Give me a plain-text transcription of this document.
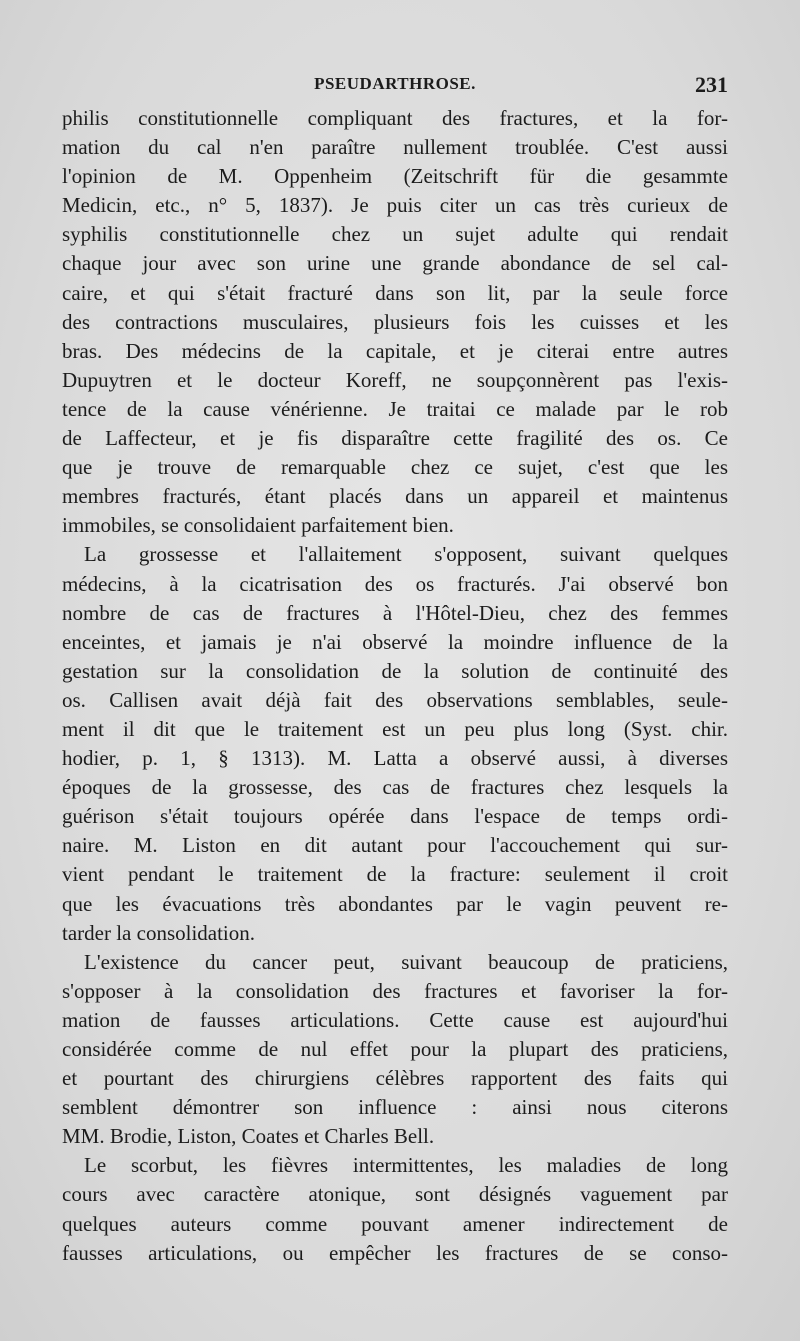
PSEUDARTHROSE.	231
philis constitutionnelle compliquant des fractures, et la for-
mation du cal n'en paraître nullement troublée. C'est aussi
l'opinion de M. Oppenheim (Zeitschrift für die gesammte
Medicin, etc., n° 5, 1837). Je puis citer un cas très curieux de
syphilis constitutionnelle chez un sujet adulte qui rendait
chaque jour avec son urine une grande abondance de sel cal-
caire, et qui s'était fracturé dans son lit, par la seule force
des contractions musculaires, plusieurs fois les cuisses et les
bras. Des médecins de la capitale, et je citerai entre autres
Dupuytren et le docteur Koreff, ne soupçonnèrent pas l'exis-
tence de la cause vénérienne. Je traitai ce malade par le rob
de Laffecteur, et je fis disparaître cette fragilité des os. Ce
que je trouve de remarquable chez ce sujet, c'est que les
membres fracturés, étant placés dans un appareil et maintenus
immobiles, se consolidaient parfaitement bien.
La grossesse et l'allaitement s'opposent, suivant quelques
médecins, à la cicatrisation des os fracturés. J'ai observé bon
nombre de cas de fractures à l'Hôtel-Dieu, chez des femmes
enceintes, et jamais je n'ai observé la moindre influence de la
gestation sur la consolidation de la solution de continuité des
os. Callisen avait déjà fait des observations semblables, seule-
ment il dit que le traitement est un peu plus long (Syst. chir.
hodier, p. 1, § 1313). M. Latta a observé aussi, à diverses
époques de la grossesse, des cas de fractures chez lesquels la
guérison s'était toujours opérée dans l'espace de temps ordi-
naire. M. Liston en dit autant pour l'accouchement qui sur-
vient pendant le traitement de la fracture: seulement il croit
que les évacuations très abondantes par le vagin peuvent re-
tarder la consolidation.
L'existence du cancer peut, suivant beaucoup de praticiens,
s'opposer à la consolidation des fractures et favoriser la for-
mation de fausses articulations. Cette cause est aujourd'hui
considérée comme de nul effet pour la plupart des praticiens,
et pourtant des chirurgiens célèbres rapportent des faits qui
semblent démontrer son influence : ainsi nous citerons
MM. Brodie, Liston, Coates et Charles Bell.
Le scorbut, les fièvres intermittentes, les maladies de long
cours avec caractère atonique, sont désignés vaguement par
quelques auteurs comme pouvant amener indirectement de
fausses articulations, ou empêcher les fractures de se conso-
